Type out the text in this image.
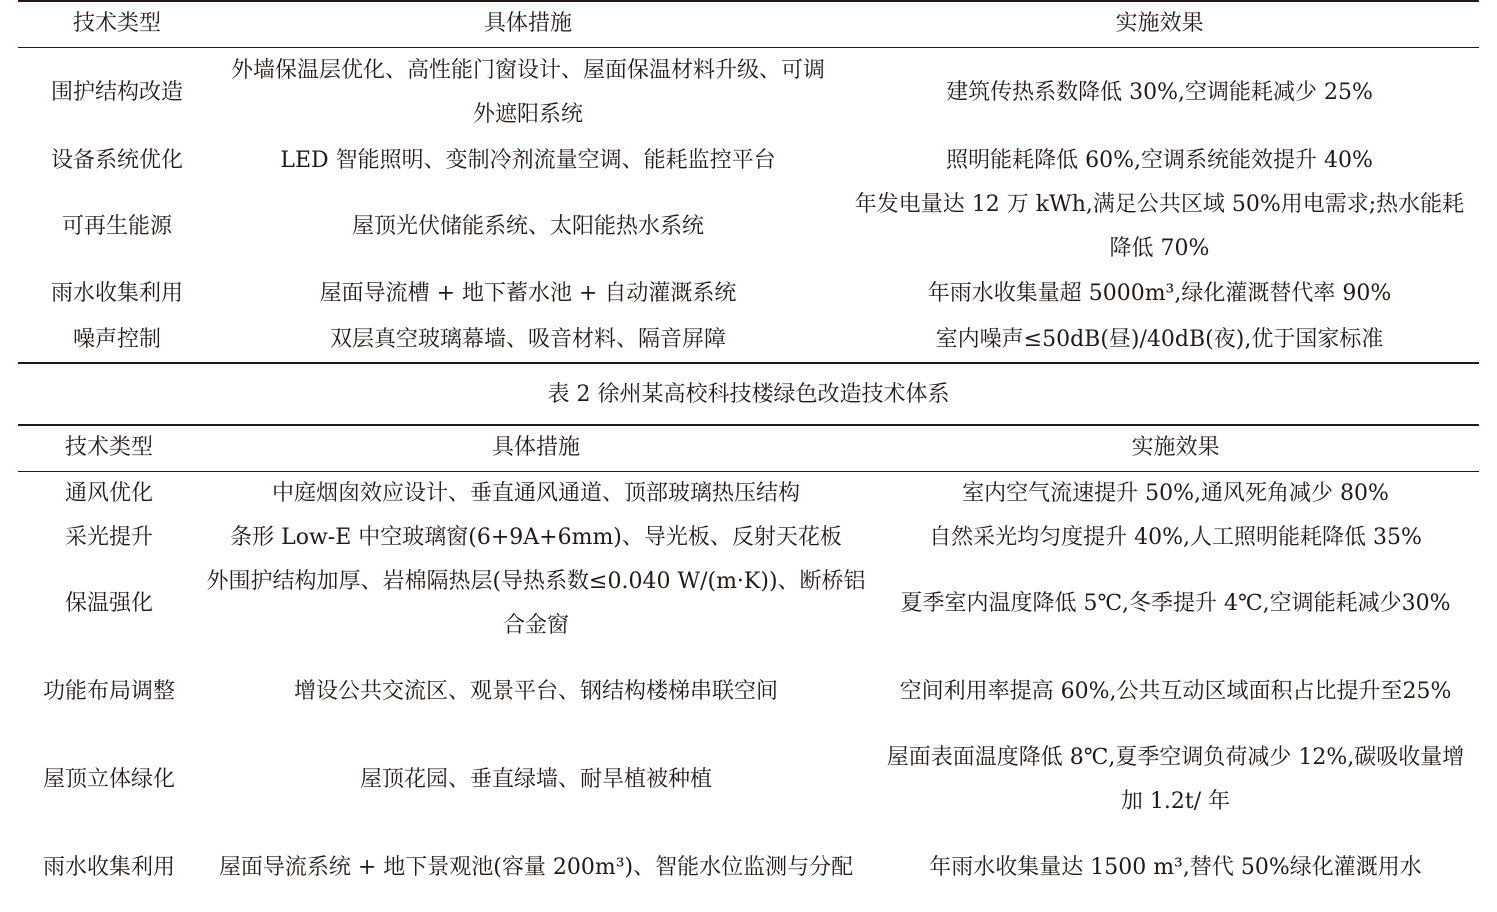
技术类型	具体措施	实施效果
围护结构改造	外墙保温层优化、高性能门窗设计、屋面保温材料升级、可调外遮阳系统	建筑传热系数降低 30%,空调能耗减少 25%
设备系统优化	LED 智能照明、变制冷剂流量空调、能耗监控平台	照明能耗降低 60%,空调系统能效提升 40%
可再生能源	屋顶光伏储能系统、太阳能热水系统	年发电量达 12 万 kWh,满足公共区域 50%用电需求;热水能耗降低 70%
雨水收集利用	屋面导流槽 + 地下蓄水池 + 自动灌溉系统	年雨水收集量超 5000m³,绿化灌溉替代率 90%
噪声控制	双层真空玻璃幕墙、吸音材料、隔音屏障	室内噪声≤50dB(昼)/40dB(夜),优于国家标准
表 2 徐州某高校科技楼绿色改造技术体系
技术类型	具体措施	实施效果
通风优化	中庭烟囱效应设计、垂直通风通道、顶部玻璃热压结构	室内空气流速提升 50%,通风死角减少 80%
采光提升	条形 Low-E 中空玻璃窗(6+9A+6mm)、导光板、反射天花板	自然采光均匀度提升 40%,人工照明能耗降低 35%
保温强化	外围护结构加厚、岩棉隔热层(导热系数≤0.040 W/(m·K))、断桥铝合金窗	夏季室内温度降低 5℃,冬季提升 4℃,空调能耗减少30%
功能布局调整	增设公共交流区、观景平台、钢结构楼梯串联空间	空间利用率提高 60%,公共互动区域面积占比提升至25%
屋顶立体绿化	屋顶花园、垂直绿墙、耐旱植被种植	屋面表面温度降低 8℃,夏季空调负荷减少 12%,碳吸收量增加 1.2t/ 年
雨水收集利用	屋面导流系统 + 地下景观池(容量 200m³)、智能水位监测与分配	年雨水收集量达 1500 m³,替代 50%绿化灌溉用水
